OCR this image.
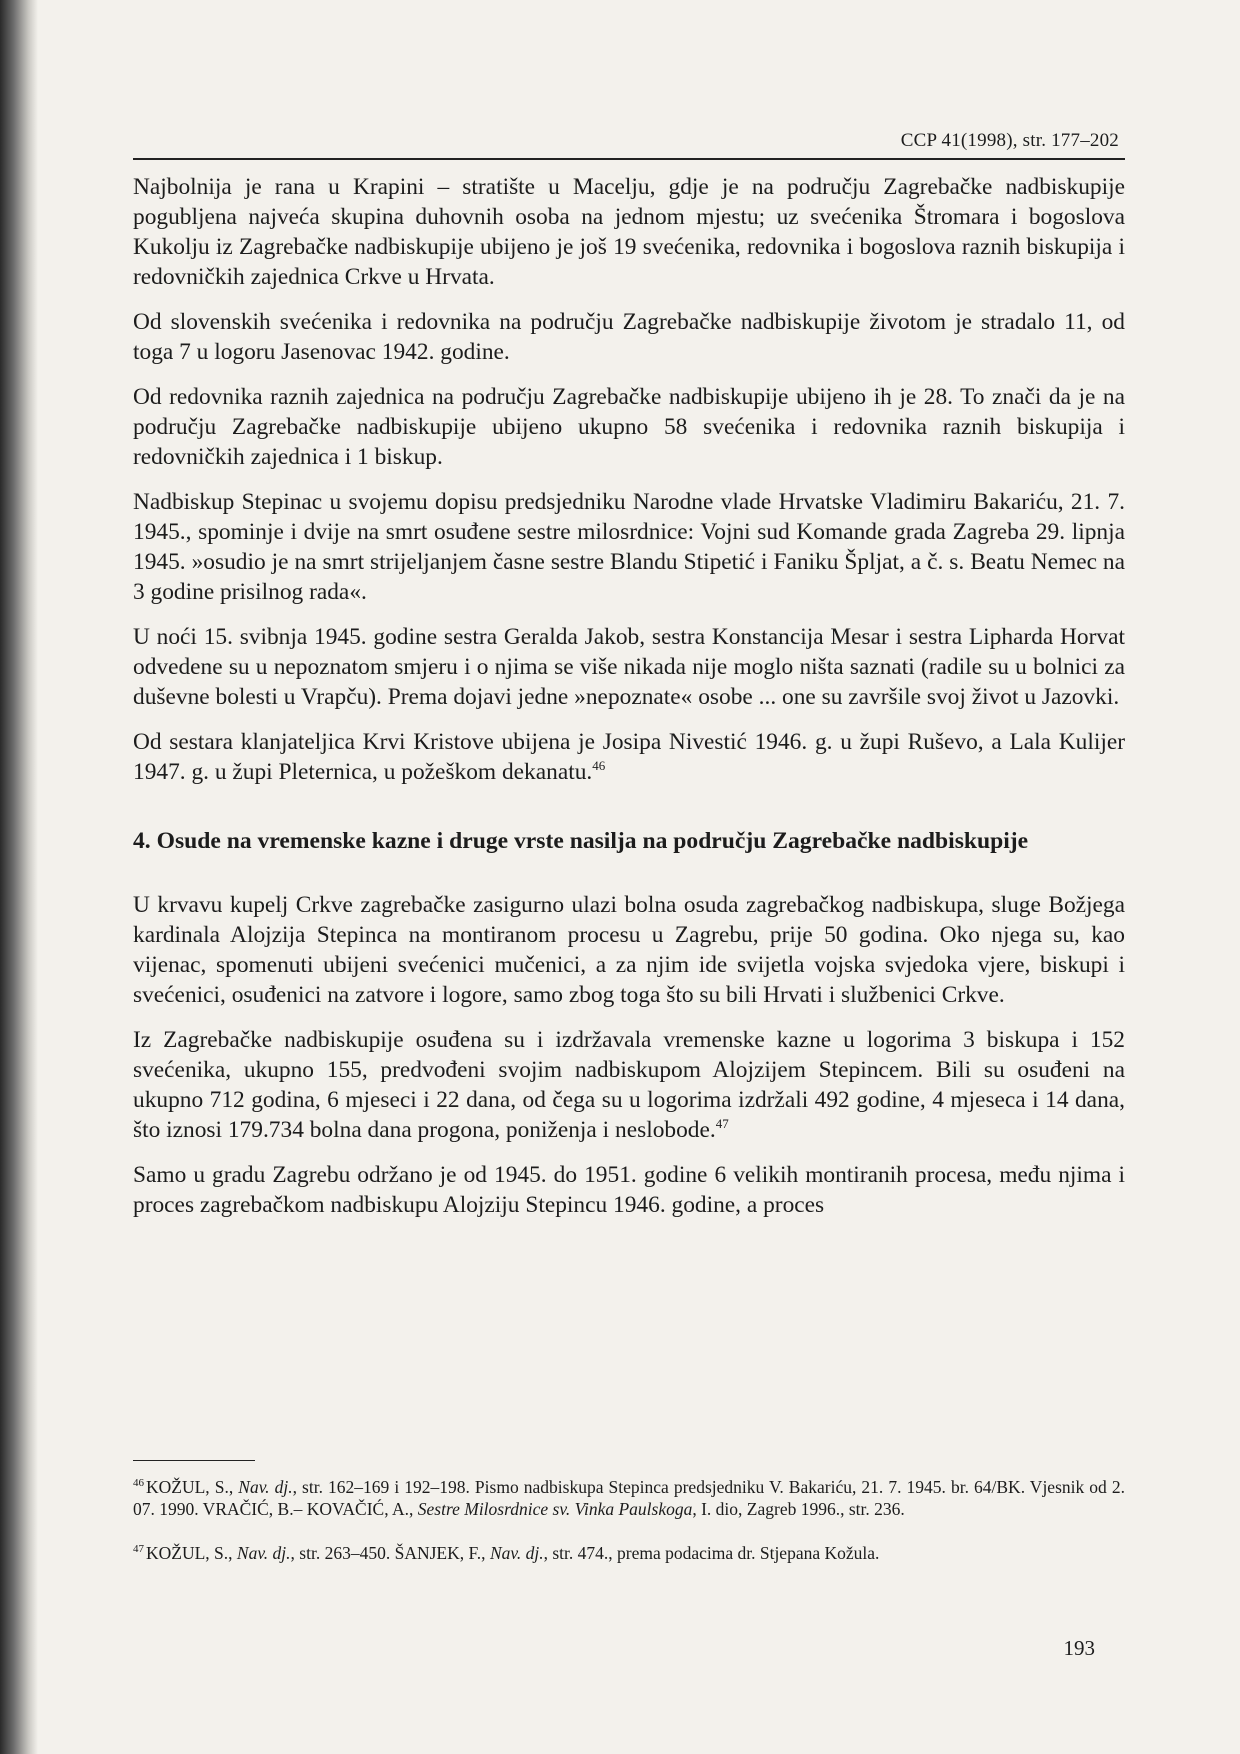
CCP 41(1998), str. 177–202

Najbolnija je rana u Krapini – stratište u Macelju, gdje je na području Zagrebačke nadbiskupije pogubljena najveća skupina duhovnih osoba na jednom mjestu; uz svećenika Štromara i bogoslova Kukolju iz Zagrebačke nadbiskupije ubijeno je još 19 svećenika, redovnika i bogoslova raznih biskupija i redovničkih zajednica Crkve u Hrvata.

Od slovenskih svećenika i redovnika na području Zagrebačke nadbiskupije životom je stradalo 11, od toga 7 u logoru Jasenovac 1942. godine.

Od redovnika raznih zajednica na području Zagrebačke nadbiskupije ubijeno ih je 28. To znači da je na području Zagrebačke nadbiskupije ubijeno ukupno 58 svećenika i redovnika raznih biskupija i redovničkih zajednica i 1 biskup.

Nadbiskup Stepinac u svojemu dopisu predsjedniku Narodne vlade Hrvatske Vladimiru Bakariću, 21. 7. 1945., spominje i dvije na smrt osuđene sestre milosrdnice: Vojni sud Komande grada Zagreba 29. lipnja 1945. »osudio je na smrt strijeljanjem časne sestre Blandu Stipetić i Faniku Špljat, a č. s. Beatu Nemec na 3 godine prisilnog rada«.

U noći 15. svibnja 1945. godine sestra Geralda Jakob, sestra Konstancija Mesar i sestra Lipharda Horvat odvedene su u nepoznatom smjeru i o njima se više nikada nije moglo ništa saznati (radile su u bolnici za duševne bolesti u Vrapču). Prema dojavi jedne »nepoznate« osobe ... one su završile svoj život u Jazovki.

Od sestara klanjateljica Krvi Kristove ubijena je Josipa Nivestić 1946. g. u župi Ruševo, a Lala Kulijer 1947. g. u župi Pleternica, u požeškom dekanatu.$^{46}$

4. Osude na vremenske kazne i druge vrste nasilja na području Zagrebačke nadbiskupije

U krvavu kupelj Crkve zagrebačke zasigurno ulazi bolna osuda zagrebačkog nadbiskupa, sluge Božjega kardinala Alojzija Stepinca na montiranom procesu u Zagrebu, prije 50 godina. Oko njega su, kao vijenac, spomenuti ubijeni svećenici mučenici, a za njim ide svijetla vojska svjedoka vjere, biskupi i svećenici, osuđenici na zatvore i logore, samo zbog toga što su bili Hrvati i službenici Crkve.

Iz Zagrebačke nadbiskupije osuđena su i izdržavala vremenske kazne u logorima 3 biskupa i 152 svećenika, ukupno 155, predvođeni svojim nadbiskupom Alojzijem Stepincem. Bili su osuđeni na ukupno 712 godina, 6 mjeseci i 22 dana, od čega su u logorima izdržali 492 godine, 4 mjeseca i 14 dana, što iznosi 179.734 bolna dana progona, poniženja i neslobode.$^{47}$

Samo u gradu Zagrebu održano je od 1945. do 1951. godine 6 velikih montiranih procesa, među njima i proces zagrebačkom nadbiskupu Alojziju Stepincu 1946. godine, a proces

$^{46}$ KOŽUL, S., Nav. dj., str. 162–169 i 192–198. Pismo nadbiskupa Stepinca predsjedniku V. Bakariću, 21. 7. 1945. br. 64/BK. Vjesnik od 2. 07. 1990. VRAČIĆ, B.– KOVAČIĆ, A., Sestre Milosrdnice sv. Vinka Paulskoga, I. dio, Zagreb 1996., str. 236.

$^{47}$ KOŽUL, S., Nav. dj., str. 263–450. ŠANJEK, F., Nav. dj., str. 474., prema podacima dr. Stjepana Kožula.

193
